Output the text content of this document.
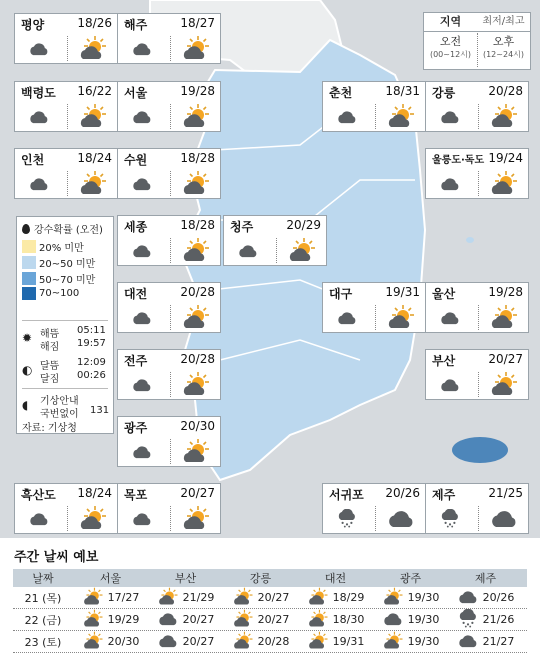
지역	최저/최고
오전
(00~12시)
오후
(12~24시)
평양	18/26 해주	18/27
백령도 16/22 서울	19/28	춘천	18/31 강릉	20/28
인천	18/24 수원	18/28	울릉도·독도 19/24
세종	18/28 청주	20/29
대전	20/28	대구	19/31 울산	19/28
전주	20/28	부산	20/27
광주	20/30
흑산도 18/24 목포	20/27	서귀포 20/26 제주	21/25
강수확률 (오전)
20% 미만
20~50 미만
50~70 미만
70~100
✹ 해뜸 05:11
해짐 19:57
◐ 달뜸 12:09
달짐 00:26
◖ 기상안내
국번없이 131
자료: 기상청
주간 날씨 예보
날짜	서울	부산	강릉	대전	광주	제주
21 (목)	17/27	21/29	20/27	18/29	19/30	20/26
22 (금)	19/29	20/27	20/27	18/30	19/30	21/26
23 (토)	20/30	20/27	20/28	19/31	19/30	21/27
